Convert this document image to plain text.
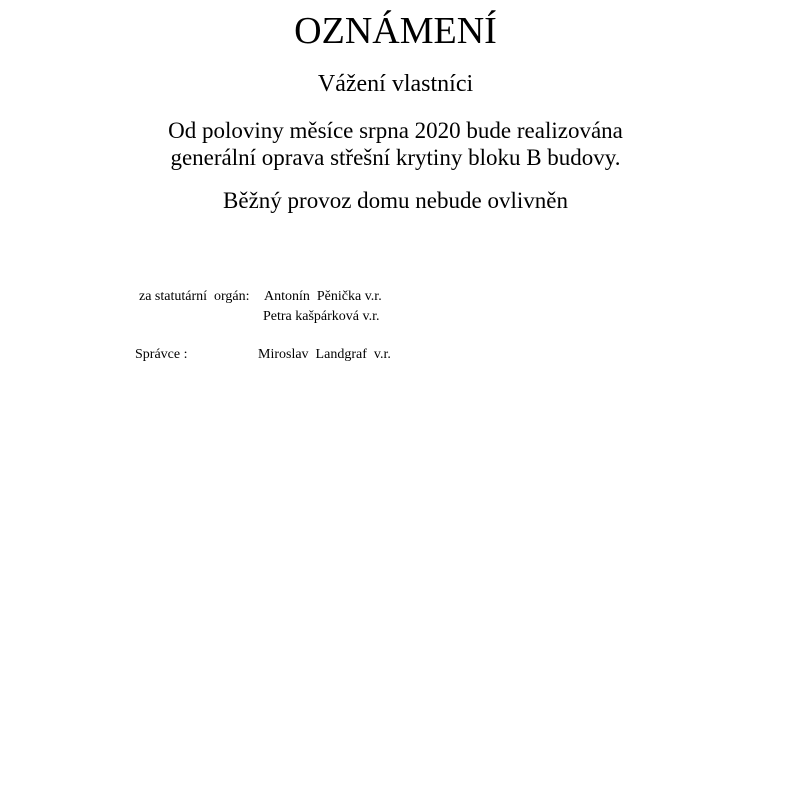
OZNÁMENÍ
Vážení vlastníci
Od poloviny měsíce srpna 2020 bude realizována
generální oprava střešní krytiny bloku B budovy.
Běžný provoz domu nebude ovlivněn
za statutární  orgán: Antonín  Pěnička v.r.
Petra kašpárková v.r.
Správce :	Miroslav  Landgraf  v.r.
